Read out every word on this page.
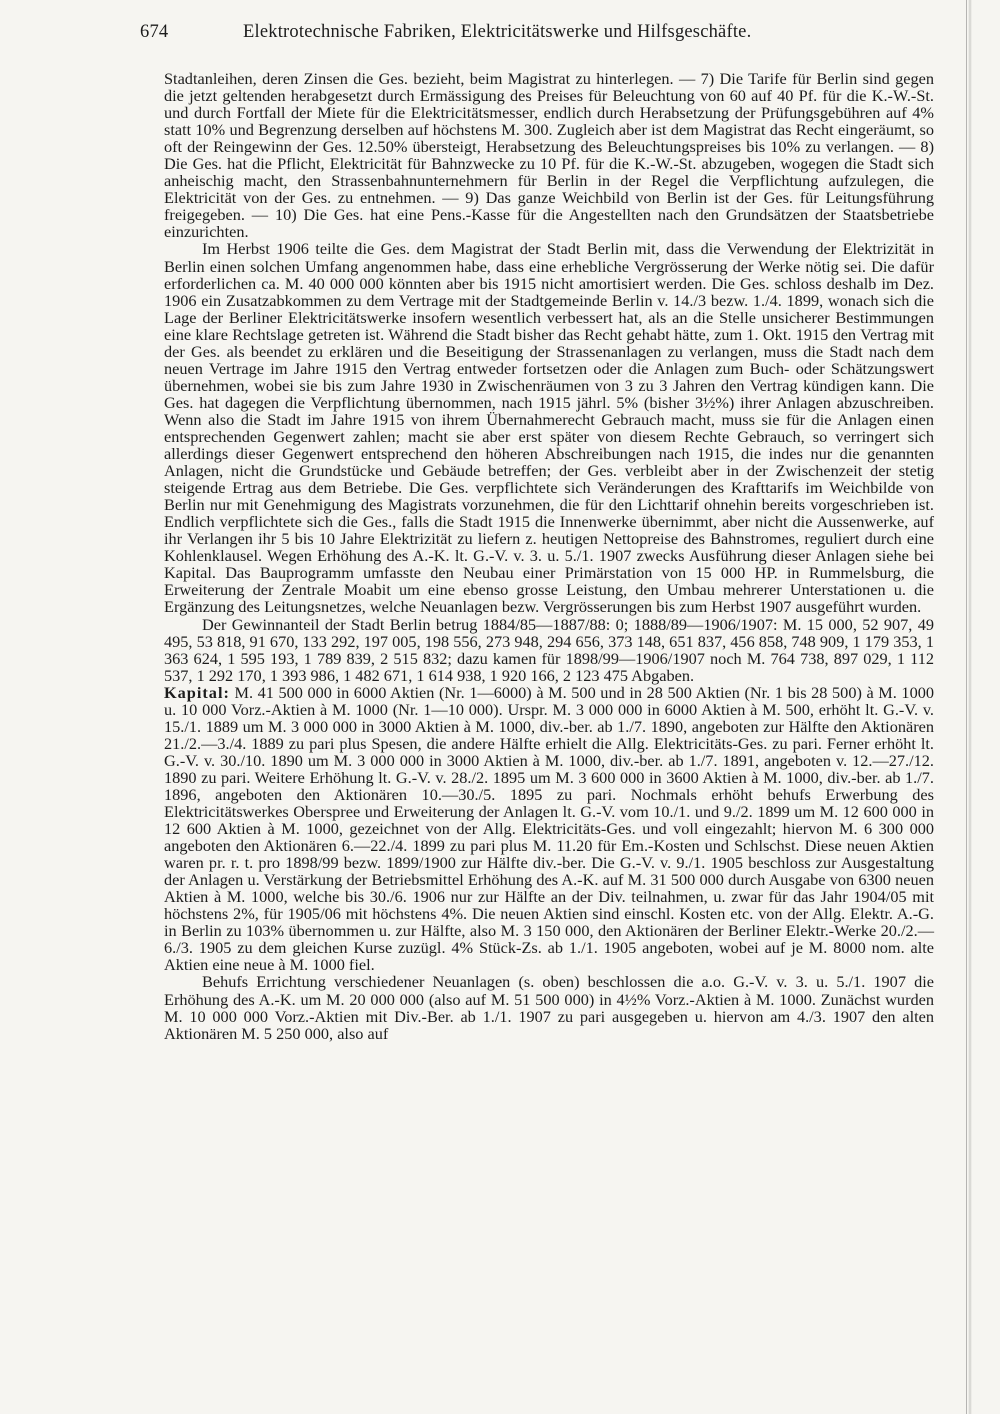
674	Elektrotechnische Fabriken, Elektricitätswerke und Hilfsgeschäfte.

Stadtanleihen, deren Zinsen die Ges. bezieht, beim Magistrat zu hinterlegen. — 7) Die Tarife für Berlin sind gegen die jetzt geltenden herabgesetzt durch Ermässigung des Preises für Beleuchtung von 60 auf 40 Pf. für die K.-W.-St. und durch Fortfall der Miete für die Elektricitätsmesser, endlich durch Herabsetzung der Prüfungsgebühren auf 4% statt 10% und Begrenzung derselben auf höchstens M. 300. Zugleich aber ist dem Magistrat das Recht eingeräumt, so oft der Reingewinn der Ges. 12.50% übersteigt, Herabsetzung des Beleuchtungspreises bis 10% zu verlangen. — 8) Die Ges. hat die Pflicht, Elektricität für Bahnzwecke zu 10 Pf. für die K.-W.-St. abzugeben, wogegen die Stadt sich anheischig macht, den Strassenbahnunternehmern für Berlin in der Regel die Verpflichtung aufzulegen, die Elektricität von der Ges. zu entnehmen. — 9) Das ganze Weichbild von Berlin ist der Ges. für Leitungsführung freigegeben. — 10) Die Ges. hat eine Pens.-Kasse für die Angestellten nach den Grundsätzen der Staatsbetriebe einzurichten.

Im Herbst 1906 teilte die Ges. dem Magistrat der Stadt Berlin mit, dass die Verwendung der Elektrizität in Berlin einen solchen Umfang angenommen habe, dass eine erhebliche Vergrösserung der Werke nötig sei. Die dafür erforderlichen ca. M. 40 000 000 könnten aber bis 1915 nicht amortisiert werden. Die Ges. schloss deshalb im Dez. 1906 ein Zusatzabkommen zu dem Vertrage mit der Stadtgemeinde Berlin v. 14./3 bezw. 1./4. 1899, wonach sich die Lage der Berliner Elektricitätswerke insofern wesentlich verbessert hat, als an die Stelle unsicherer Bestimmungen eine klare Rechtslage getreten ist. Während die Stadt bisher das Recht gehabt hätte, zum 1. Okt. 1915 den Vertrag mit der Ges. als beendet zu erklären und die Beseitigung der Strassenanlagen zu verlangen, muss die Stadt nach dem neuen Vertrage im Jahre 1915 den Vertrag entweder fortsetzen oder die Anlagen zum Buch- oder Schätzungswert übernehmen, wobei sie bis zum Jahre 1930 in Zwischenräumen von 3 zu 3 Jahren den Vertrag kündigen kann. Die Ges. hat dagegen die Verpflichtung übernommen, nach 1915 jährl. 5% (bisher 3½%) ihrer Anlagen abzuschreiben. Wenn also die Stadt im Jahre 1915 von ihrem Übernahmerecht Gebrauch macht, muss sie für die Anlagen einen entsprechenden Gegenwert zahlen; macht sie aber erst später von diesem Rechte Gebrauch, so verringert sich allerdings dieser Gegenwert entsprechend den höheren Abschreibungen nach 1915, die indes nur die genannten Anlagen, nicht die Grundstücke und Gebäude betreffen; der Ges. verbleibt aber in der Zwischenzeit der stetig steigende Ertrag aus dem Betriebe. Die Ges. verpflichtete sich Veränderungen des Krafttarifs im Weichbilde von Berlin nur mit Genehmigung des Magistrats vorzunehmen, die für den Lichttarif ohnehin bereits vorgeschrieben ist. Endlich verpflichtete sich die Ges., falls die Stadt 1915 die Innenwerke übernimmt, aber nicht die Aussenwerke, auf ihr Verlangen ihr 5 bis 10 Jahre Elektrizität zu liefern z. heutigen Nettopreise des Bahnstromes, reguliert durch eine Kohlenklausel. Wegen Erhöhung des A.-K. lt. G.-V. v. 3. u. 5./1. 1907 zwecks Ausführung dieser Anlagen siehe bei Kapital. Das Bauprogramm umfasste den Neubau einer Primärstation von 15 000 HP. in Rummelsburg, die Erweiterung der Zentrale Moabit um eine ebenso grosse Leistung, den Umbau mehrerer Unterstationen u. die Ergänzung des Leitungsnetzes, welche Neuanlagen bezw. Vergrösserungen bis zum Herbst 1907 ausgeführt wurden.

Der Gewinnanteil der Stadt Berlin betrug 1884/85—1887/88: 0; 1888/89—1906/1907: M. 15 000, 52 907, 49 495, 53 818, 91 670, 133 292, 197 005, 198 556, 273 948, 294 656, 373 148, 651 837, 456 858, 748 909, 1 179 353, 1 363 624, 1 595 193, 1 789 839, 2 515 832; dazu kamen für 1898/99—1906/1907 noch M. 764 738, 897 029, 1 112 537, 1 292 170, 1 393 986, 1 482 671, 1 614 938, 1 920 166, 2 123 475 Abgaben.

Kapital: M. 41 500 000 in 6000 Aktien (Nr. 1—6000) à M. 500 und in 28 500 Aktien (Nr. 1 bis 28 500) à M. 1000 u. 10 000 Vorz.-Aktien à M. 1000 (Nr. 1—10 000). Urspr. M. 3 000 000 in 6000 Aktien à M. 500, erhöht lt. G.-V. v. 15./1. 1889 um M. 3 000 000 in 3000 Aktien à M. 1000, div.-ber. ab 1./7. 1890, angeboten zur Hälfte den Aktionären 21./2.—3./4. 1889 zu pari plus Spesen, die andere Hälfte erhielt die Allg. Elektricitäts-Ges. zu pari. Ferner erhöht lt. G.-V. v. 30./10. 1890 um M. 3 000 000 in 3000 Aktien à M. 1000, div.-ber. ab 1./7. 1891, angeboten v. 12.—27./12. 1890 zu pari. Weitere Erhöhung lt. G.-V. v. 28./2. 1895 um M. 3 600 000 in 3600 Aktien à M. 1000, div.-ber. ab 1./7. 1896, angeboten den Aktionären 10.—30./5. 1895 zu pari. Nochmals erhöht behufs Erwerbung des Elektricitätswerkes Oberspree und Erweiterung der Anlagen lt. G.-V. vom 10./1. und 9./2. 1899 um M. 12 600 000 in 12 600 Aktien à M. 1000, gezeichnet von der Allg. Elektricitäts-Ges. und voll eingezahlt; hiervon M. 6 300 000 angeboten den Aktionären 6.—22./4. 1899 zu pari plus M. 11.20 für Em.-Kosten und Schlschst. Diese neuen Aktien waren pr. r. t. pro 1898/99 bezw. 1899/1900 zur Hälfte div.-ber. Die G.-V. v. 9./1. 1905 beschloss zur Ausgestaltung der Anlagen u. Verstärkung der Betriebsmittel Erhöhung des A.-K. auf M. 31 500 000 durch Ausgabe von 6300 neuen Aktien à M. 1000, welche bis 30./6. 1906 nur zur Hälfte an der Div. teilnahmen, u. zwar für das Jahr 1904/05 mit höchstens 2%, für 1905/06 mit höchstens 4%. Die neuen Aktien sind einschl. Kosten etc. von der Allg. Elektr. A.-G. in Berlin zu 103% übernommen u. zur Hälfte, also M. 3 150 000, den Aktionären der Berliner Elektr.-Werke 20./2.—6./3. 1905 zu dem gleichen Kurse zuzügl. 4% Stück-Zs. ab 1./1. 1905 angeboten, wobei auf je M. 8000 nom. alte Aktien eine neue à M. 1000 fiel.

Behufs Errichtung verschiedener Neuanlagen (s. oben) beschlossen die a.o. G.-V. v. 3. u. 5./1. 1907 die Erhöhung des A.-K. um M. 20 000 000 (also auf M. 51 500 000) in 4½% Vorz.-Aktien à M. 1000. Zunächst wurden M. 10 000 000 Vorz.-Aktien mit Div.-Ber. ab 1./1. 1907 zu pari ausgegeben u. hiervon am 4./3. 1907 den alten Aktionären M. 5 250 000, also auf
